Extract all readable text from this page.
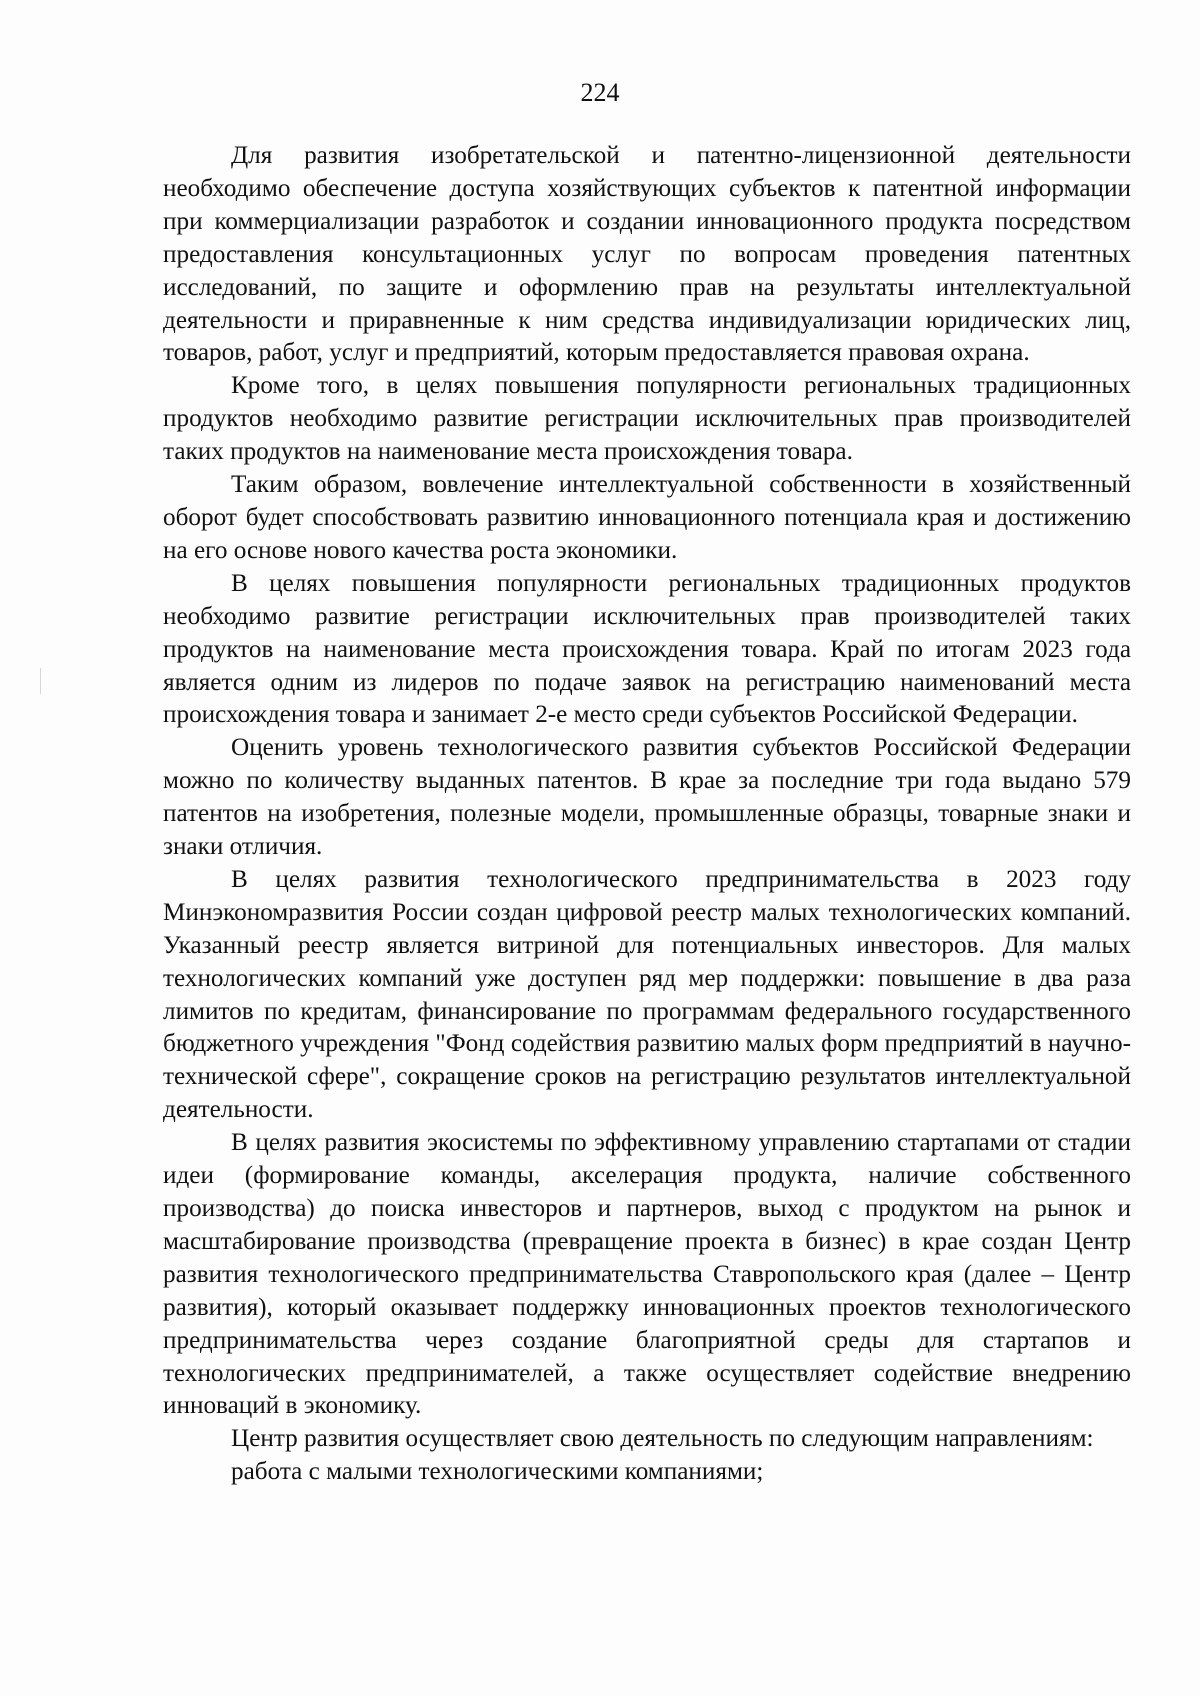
224

Для развития изобретательской и патентно-лицензионной деятельности необходимо обеспечение доступа хозяйствующих субъектов к патентной информации при коммерциализации разработок и создании инновационного продукта посредством предоставления консультационных услуг по вопросам проведения патентных исследований, по защите и оформлению прав на результаты интеллектуальной деятельности и приравненные к ним средства индивидуализации юридических лиц, товаров, работ, услуг и предприятий, которым предоставляется правовая охрана.

Кроме того, в целях повышения популярности региональных традиционных продуктов необходимо развитие регистрации исключительных прав производителей таких продуктов на наименование места происхождения товара.

Таким образом, вовлечение интеллектуальной собственности в хозяйственный оборот будет способствовать развитию инновационного потенциала края и достижению на его основе нового качества роста экономики.

В целях повышения популярности региональных традиционных продуктов необходимо развитие регистрации исключительных прав производителей таких продуктов на наименование места происхождения товара. Край по итогам 2023 года является одним из лидеров по подаче заявок на регистрацию наименований места происхождения товара и занимает 2-е место среди субъектов Российской Федерации.

Оценить уровень технологического развития субъектов Российской Федерации можно по количеству выданных патентов. В крае за последние три года выдано 579 патентов на изобретения, полезные модели, промышленные образцы, товарные знаки и знаки отличия.

В целях развития технологического предпринимательства в 2023 году Минэкономразвития России создан цифровой реестр малых технологических компаний. Указанный реестр является витриной для потенциальных инвесторов. Для малых технологических компаний уже доступен ряд мер поддержки: повышение в два раза лимитов по кредитам, финансирование по программам федерального государственного бюджетного учреждения "Фонд содействия развитию малых форм предприятий в научно-технической сфере", сокращение сроков на регистрацию результатов интеллектуальной деятельности.

В целях развития экосистемы по эффективному управлению стартапами от стадии идеи (формирование команды, акселерация продукта, наличие собственного производства) до поиска инвесторов и партнеров, выход с продуктом на рынок и масштабирование производства (превращение проекта в бизнес) в крае создан Центр развития технологического предпринимательства Ставропольского края (далее – Центр развития), который оказывает поддержку инновационных проектов технологического предпринимательства через создание благоприятной среды для стартапов и технологических предпринимателей, а также осуществляет содействие внедрению инноваций в экономику.

Центр развития осуществляет свою деятельность по следующим направлениям:

работа с малыми технологическими компаниями;
